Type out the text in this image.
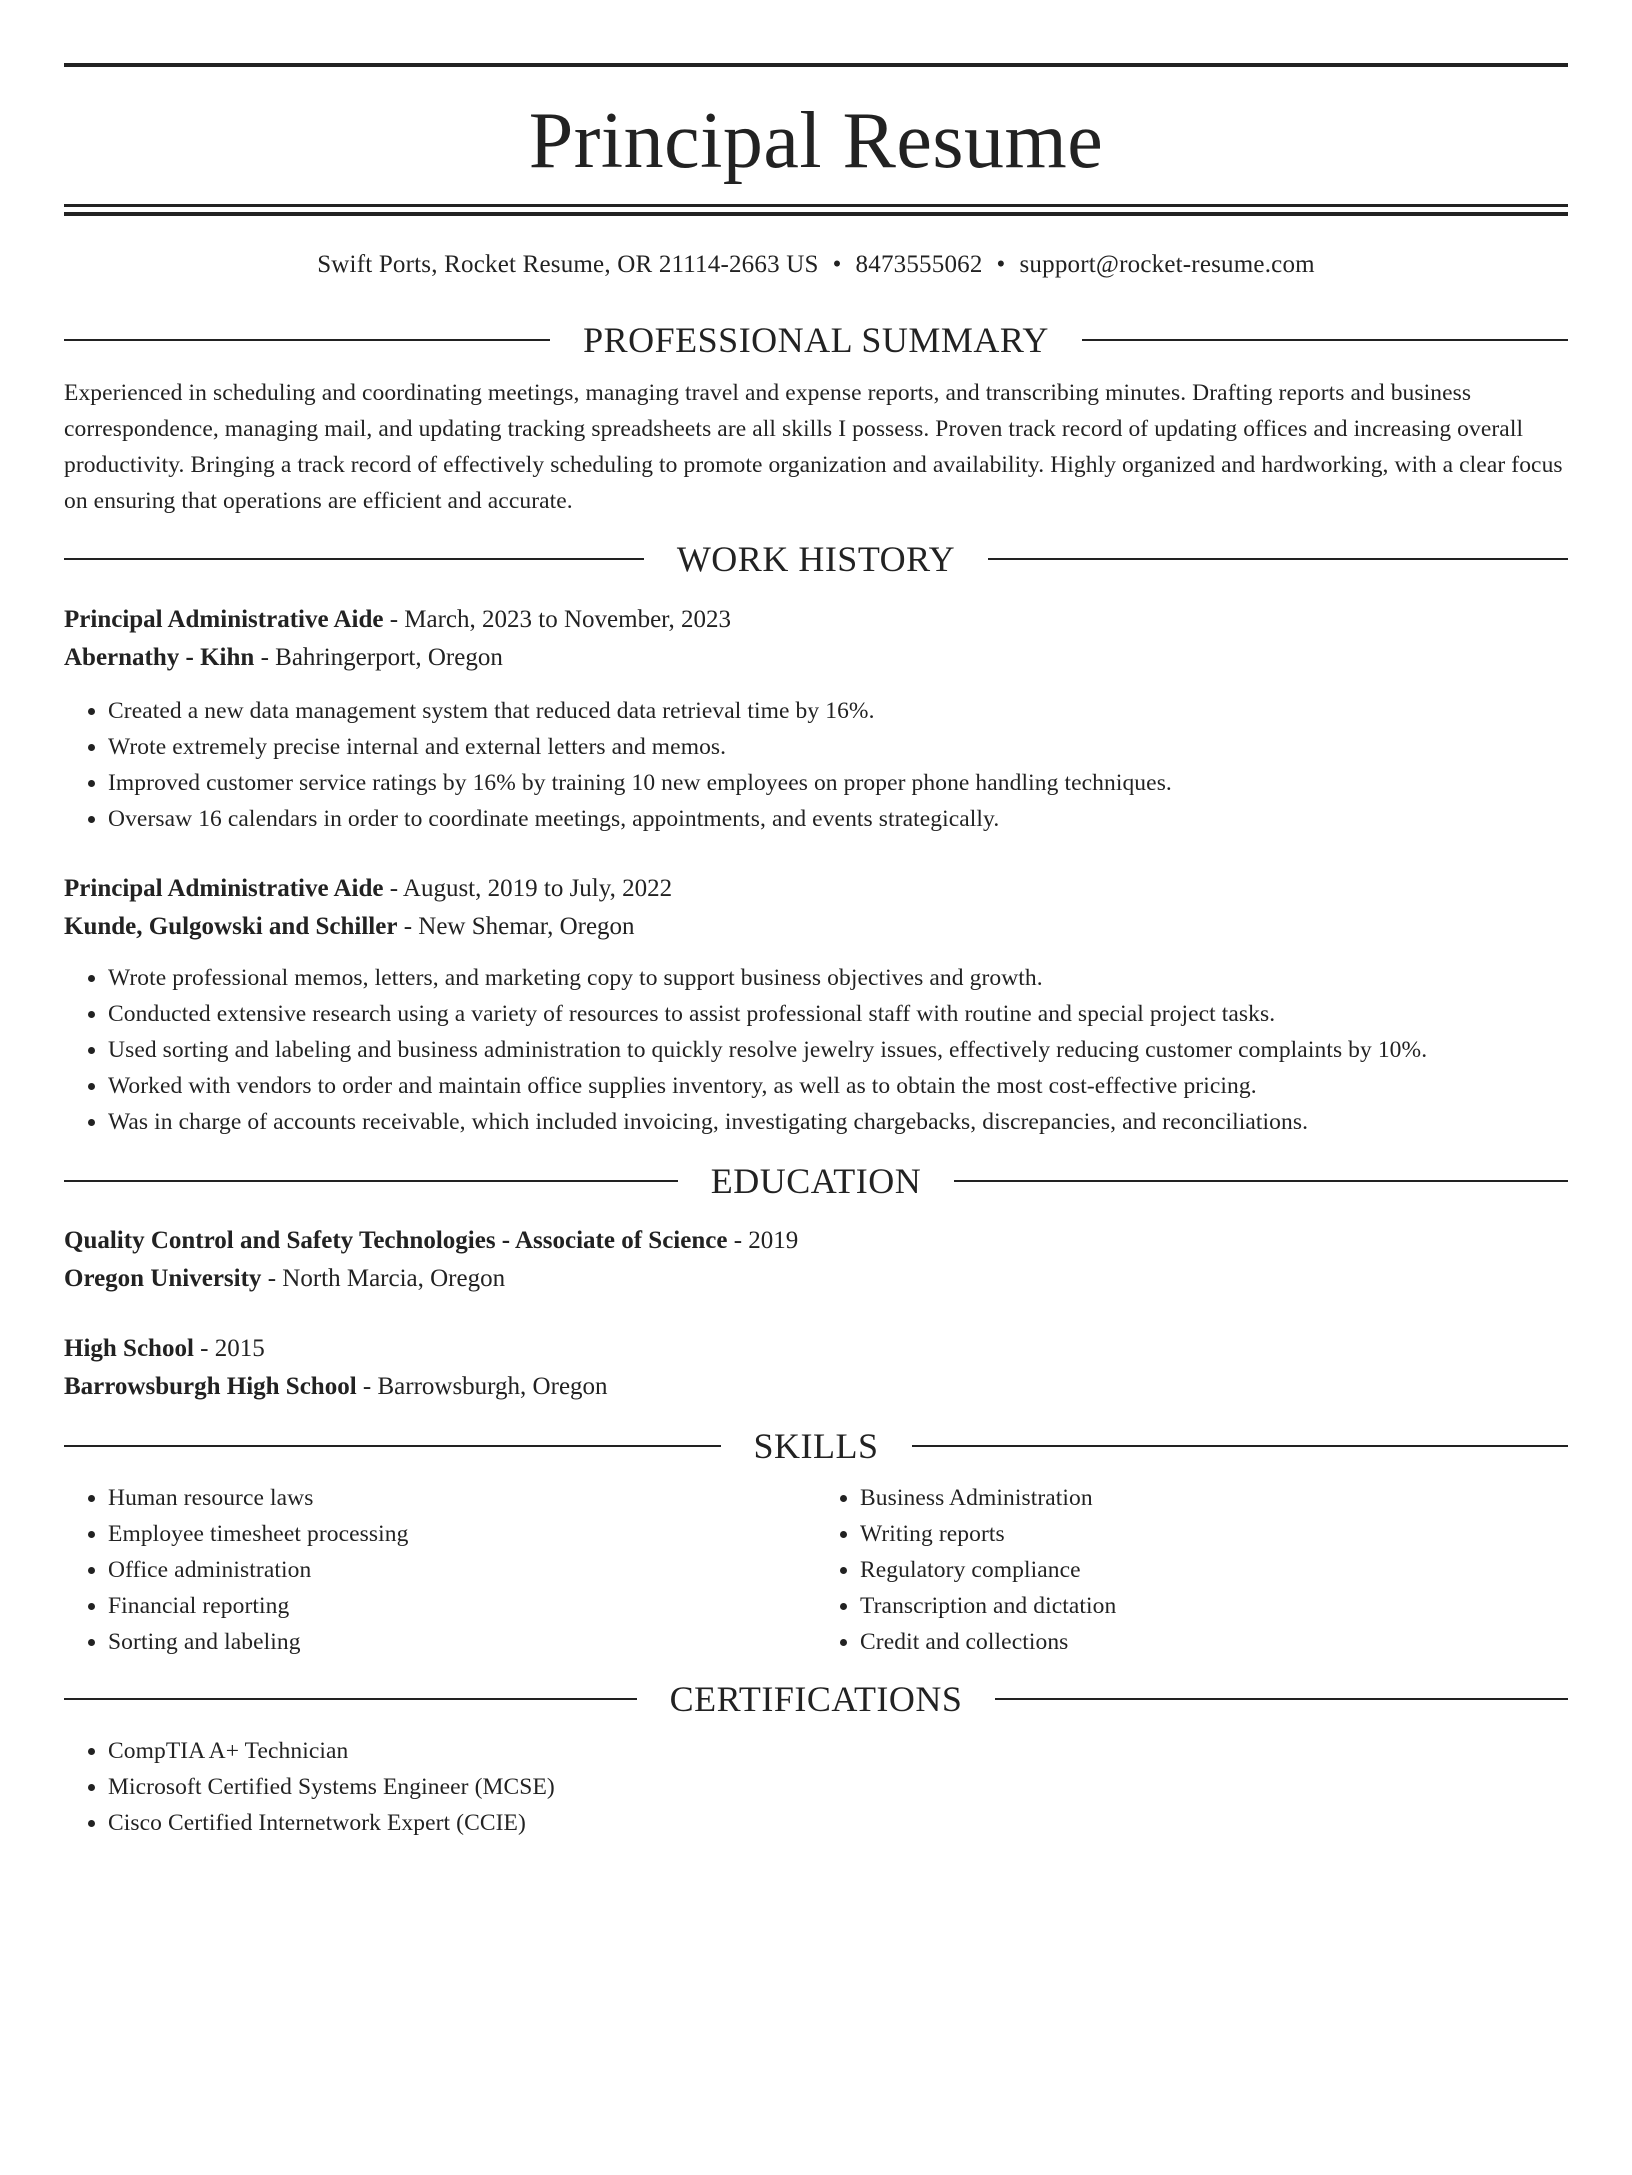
Principal Resume
Swift Ports, Rocket Resume, OR 21114-2663 US • 8473555062 • support@rocket-resume.com
PROFESSIONAL SUMMARY

Experienced in scheduling and coordinating meetings, managing travel and expense reports, and transcribing minutes. Drafting reports and business correspondence, managing mail, and updating tracking spreadsheets are all skills I possess. Proven track record of updating offices and increasing overall productivity. Bringing a track record of effectively scheduling to promote organization and availability. Highly organized and hardworking, with a clear focus on ensuring that operations are efficient and accurate.

WORK HISTORY
Principal Administrative Aide - March, 2023 to November, 2023
Abernathy - Kihn - Bahringerport, Oregon
• Created a new data management system that reduced data retrieval time by 16%.
• Wrote extremely precise internal and external letters and memos.
• Improved customer service ratings by 16% by training 10 new employees on proper phone handling techniques.
• Oversaw 16 calendars in order to coordinate meetings, appointments, and events strategically.
Principal Administrative Aide - August, 2019 to July, 2022
Kunde, Gulgowski and Schiller - New Shemar, Oregon
• Wrote professional memos, letters, and marketing copy to support business objectives and growth.
• Conducted extensive research using a variety of resources to assist professional staff with routine and special project tasks.
• Used sorting and labeling and business administration to quickly resolve jewelry issues, effectively reducing customer complaints by 10%.
• Worked with vendors to order and maintain office supplies inventory, as well as to obtain the most cost-effective pricing.
• Was in charge of accounts receivable, which included invoicing, investigating chargebacks, discrepancies, and reconciliations.
EDUCATION
Quality Control and Safety Technologies - Associate of Science - 2019
Oregon University - North Marcia, Oregon
High School - 2015
Barrowsburgh High School - Barrowsburgh, Oregon
SKILLS
• Human resource laws
• Employee timesheet processing
• Office administration
• Financial reporting
• Sorting and labeling
• Business Administration
• Writing reports
• Regulatory compliance
• Transcription and dictation
• Credit and collections
CERTIFICATIONS
• CompTIA A+ Technician
• Microsoft Certified Systems Engineer (MCSE)
• Cisco Certified Internetwork Expert (CCIE)
